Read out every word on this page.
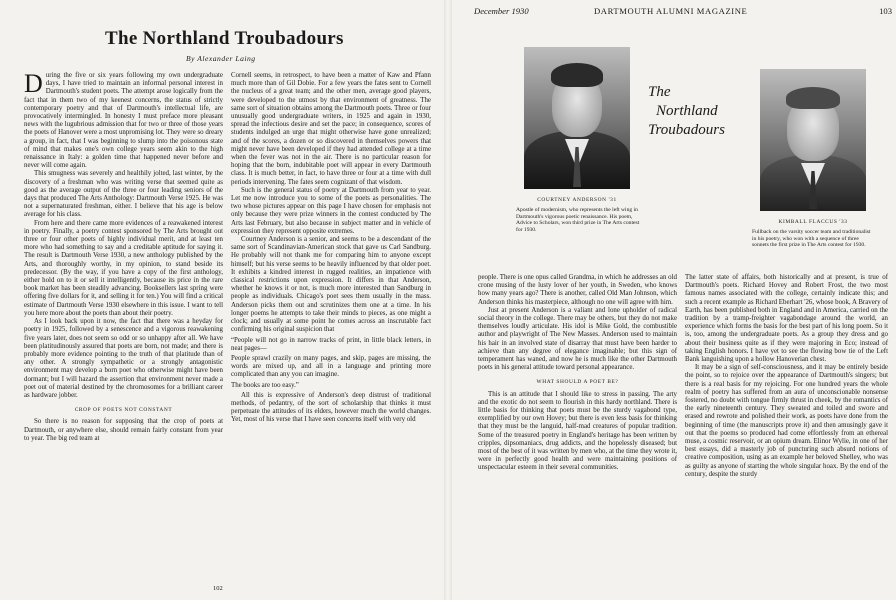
The Northland Troubadours
By Alexander Laing

During the five or six years following my own undergraduate days, I have tried to maintain an informal personal interest in Dartmouth's student poets. The attempt arose logically from the fact that in them two of my keenest concerns, the status of strictly contemporary poetry and that of Dartmouth's intellectual life, are provocatively intermingled. In honesty I must preface more pleasant news with the lugubrious admission that for two or three of those years the poets of Hanover were a most unpromising lot. They were so dreary a group, in fact, that I was beginning to slump into the poisonous state of mind that makes one's own college years seem akin to the high renaissance in Italy: a golden time that happened never before and never will come again.

This smugness was severely and healthily jolted, last winter, by the discovery of a freshman who was writing verse that seemed quite as good as the average output of the three or four leading seniors of the days that produced The Arts Anthology: Dartmouth Verse 1925. He was not a supernaturated freshman, either. I believe that his age is below average for his class.

From here and there came more evidences of a reawakened interest in poetry. Finally, a poetry contest sponsored by The Arts brought out three or four other poets of highly individual merit, and at least ten more who had something to say and a creditable aptitude for saying it. The result is Dartmouth Verse 1930, a new anthology published by the Arts, and thoroughly worthy, in my opinion, to stand beside its predecessor. (By the way, if you have a copy of the first anthology, either hold on to it or sell it intelligently, because its price in the rare book market has been steadily advancing. Booksellers last spring were offering five dollars for it, and selling it for ten.) You will find a critical estimate of Dartmouth Verse 1930 elsewhere in this issue. I want to tell you here more about the poets than about their poetry.

As I look back upon it now, the fact that there was a heyday for poetry in 1925, followed by a senescence and a vigorous reawakening five years later, does not seem so odd or so unhappy after all. We have been platitudinously assured that poets are born, not made; and there is probably more evidence pointing to the truth of that platitude than of any other. A strongly sympathetic or a strongly antagonistic environment may develop a born poet who otherwise might have been dormant; but I will hazard the assertion that environment never made a poet out of material destined by the chromosomes for a brilliant career as hardware jobber.

CROP OF POETS NOT CONSTANT

So there is no reason for supposing that the crop of poets at Dartmouth, or anywhere else, should remain fairly constant from year to year. The big red team at

Cornell seems, in retrospect, to have been a matter of Kaw and Pfann much more than of Gil Dobie. For a few years the fates sent to Cornell the nucleus of a great team; and the other men, average good players, were developed to the utmost by that environment of greatness. The same sort of situation obtains among the Dartmouth poets. Three or four unusually good undergraduate writers, in 1925 and again in 1930, spread the infectious desire and set the pace; in consequence, scores of students indulged an urge that might otherwise have gone unrealized; and of the scores, a dozen or so discovered in themselves powers that might never have been developed if they had attended college at a time when the fever was not in the air. There is no particular reason for hoping that the born, indubitable poet will appear in every Dartmouth class. It is much better, in fact, to have three or four at a time with dull periods intervening. The fates seem cognizant of that wisdom.

Such is the general status of poetry at Dartmouth from year to year. Let me now introduce you to some of the poets as personalities. The two whose pictures appear on this page I have chosen for emphasis not only because they were prize winners in the contest conducted by The Arts last February, but also because in subject matter and in vehicle of expression they represent opposite extremes.

Courtney Anderson is a senior, and seems to be a descendant of the same sort of Scandinavian-American stock that gave us Carl Sandburg. He probably will not thank me for comparing him to anyone except himself; but his verse seems to be heavily influenced by that older poet. It exhibits a kindred interest in rugged realities, an impatience with classical restrictions upon expression. It differs in that Anderson, whether he knows it or not, is much more interested than Sandburg in people as individuals. Chicago's poet sees them usually in the mass. Anderson picks them out and scrutinizes them one at a time. In his longer poems he attempts to take their minds to pieces, as one might a clock; and usually at some point he comes across an inscrutable fact confirming his original suspicion that

“People will not go in narrow tracks of print, in little black letters, in neat pages—

People sprawl crazily on many pages, and skip, pages are missing, the words are mixed up, and all in a language and printing more complicated than any you can imagine.

The books are too easy.”

All this is expressive of Anderson's deep distrust of traditional methods, of pedantry, of the sort of scholarship that thinks it must perpetuate the attitudes of its elders, however much the world changes. Yet, most of his verse that I have seen concerns itself with very old

102
December 1930	DARTMOUTH ALUMNI MAGAZINE	103
COURTNEY ANDERSON '31
Apostle of modernism, who represents the left wing in Dartmouth's vigorous poetic renaissance. His poem, Advice to Scholars, won third prize in The Arts contest for 1930.
The
Northland
Troubadours
KIMBALL FLACCUS '33
Fullback on the varsity soccer team and traditionalist in his poetry, who won with a sequence of three sonnets the first prize in The Arts contest for 1930.

people. There is one opus called Grandma, in which he addresses an old crone musing of the lusty lover of her youth, in Sweden, who knows how many years ago? There is another, called Old Man Johnson, which Anderson thinks his masterpiece, although no one will agree with him.

Just at present Anderson is a valiant and lone upholder of radical social theory in the college. There may be others, but they do not make themselves loudly articulate. His idol is Mike Gold, the combustible author and playwright of The New Masses. Anderson used to maintain his hair in an involved state of disarray that must have been harder to achieve than any degree of elegance imaginable; but this sign of temperament has waned, and now he is much like the other Dartmouth poets in his general attitude toward personal appearance.

WHAT SHOULD A POET BE?

This is an attitude that I should like to stress in passing. The arty and the exotic do not seem to flourish in this hardy northland. There is little basis for thinking that poets must be the sturdy vagabond type, exemplified by our own Hovey; but there is even less basis for thinking that they must be the languid, half-mad creatures of popular tradition. Some of the treasured poetry in England's heritage has been written by cripples, dipsomaniacs, drug addicts, and the hopelessly diseased; but most of the best of it was written by men who, at the time they wrote it, were in perfectly good health and were maintaining positions of unspectacular esteem in their several communities.

The latter state of affairs, both historically and at present, is true of Dartmouth's poets. Richard Hovey and Robert Frost, the two most famous names associated with the college, certainly indicate this; and such a recent example as Richard Eberhart '26, whose book, A Bravery of Earth, has been published both in England and in America, carried on the tradition by a tramp-freighter vagabondage around the world, an experience which forms the basis for the best part of his long poem. So it is, too, among the undergraduate poets. As a group they dress and go about their business quite as if they were majoring in Eco; instead of taking English honors. I have yet to see the flowing bow tie of the Left Bank languishing upon a hollow Hanoverian chest.

It may be a sign of self-consciousness, and it may be entirely beside the point, so to rejoice over the appearance of Dartmouth's singers; but there is a real basis for my rejoicing. For one hundred years the whole realm of poetry has suffered from an aura of unconscionable nonsense fostered, no doubt with tongue firmly thrust in cheek, by the romantics of the early nineteenth century. They sweated and toiled and swore and erased and rewrote and polished their work, as poets have done from the beginning of time (the manuscripts prove it) and then amusingly gave it out that the poems so produced had come effortlessly from an ethereal muse, a cosmic reservoir, or an opium dream. Elinor Wylie, in one of her best essays, did a masterly job of puncturing such absurd notions of creative composition, using as an example her beloved Shelley, who was as guilty as anyone of starting the whole singular hoax. By the end of the century, despite the sturdy
